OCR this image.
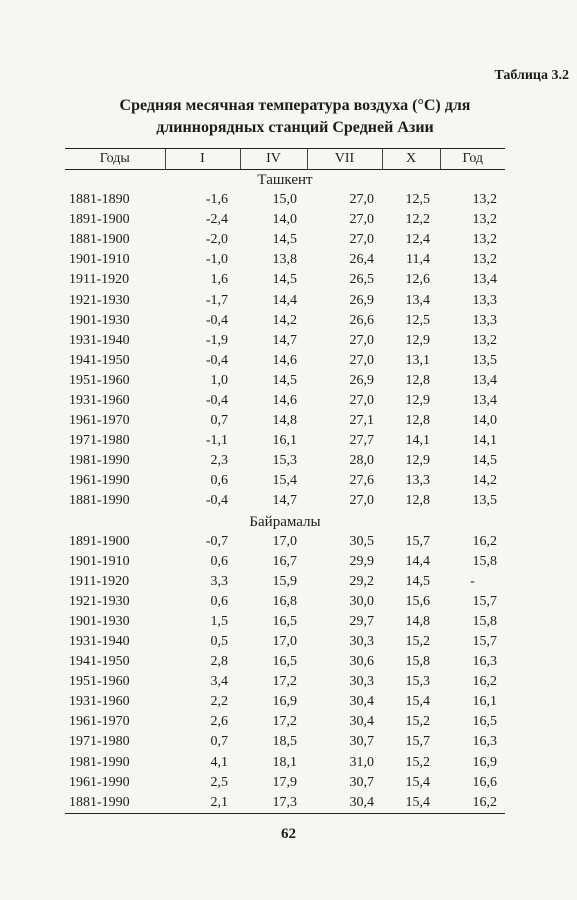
Таблица 3.2
Средняя месячная температура воздуха (°С) для
длиннорядных станций Средней Азии
Годы	I	IV	VII	X	Год
Ташкент					
1881-1890	-1,6	15,0	27,0	12,5	13,2
1891-1900	-2,4	14,0	27,0	12,2	13,2
1881-1900	-2,0	14,5	27,0	12,4	13,2
1901-1910	-1,0	13,8	26,4	11,4	13,2
1911-1920	1,6	14,5	26,5	12,6	13,4
1921-1930	-1,7	14,4	26,9	13,4	13,3
1901-1930	-0,4	14,2	26,6	12,5	13,3
1931-1940	-1,9	14,7	27,0	12,9	13,2
1941-1950	-0,4	14,6	27,0	13,1	13,5
1951-1960	1,0	14,5	26,9	12,8	13,4
1931-1960	-0,4	14,6	27,0	12,9	13,4
1961-1970	0,7	14,8	27,1	12,8	14,0
1971-1980	-1,1	16,1	27,7	14,1	14,1
1981-1990	2,3	15,3	28,0	12,9	14,5
1961-1990	0,6	15,4	27,6	13,3	14,2
1881-1990	-0,4	14,7	27,0	12,8	13,5
Байрамалы					
1891-1900	-0,7	17,0	30,5	15,7	16,2
1901-1910	0,6	16,7	29,9	14,4	15,8
1911-1920	3,3	15,9	29,2	14,5	-
1921-1930	0,6	16,8	30,0	15,6	15,7
1901-1930	1,5	16,5	29,7	14,8	15,8
1931-1940	0,5	17,0	30,3	15,2	15,7
1941-1950	2,8	16,5	30,6	15,8	16,3
1951-1960	3,4	17,2	30,3	15,3	16,2
1931-1960	2,2	16,9	30,4	15,4	16,1
1961-1970	2,6	17,2	30,4	15,2	16,5
1971-1980	0,7	18,5	30,7	15,7	16,3
1981-1990	4,1	18,1	31,0	15,2	16,9
1961-1990	2,5	17,9	30,7	15,4	16,6
1881-1990	2,1	17,3	30,4	15,4	16,2
62
